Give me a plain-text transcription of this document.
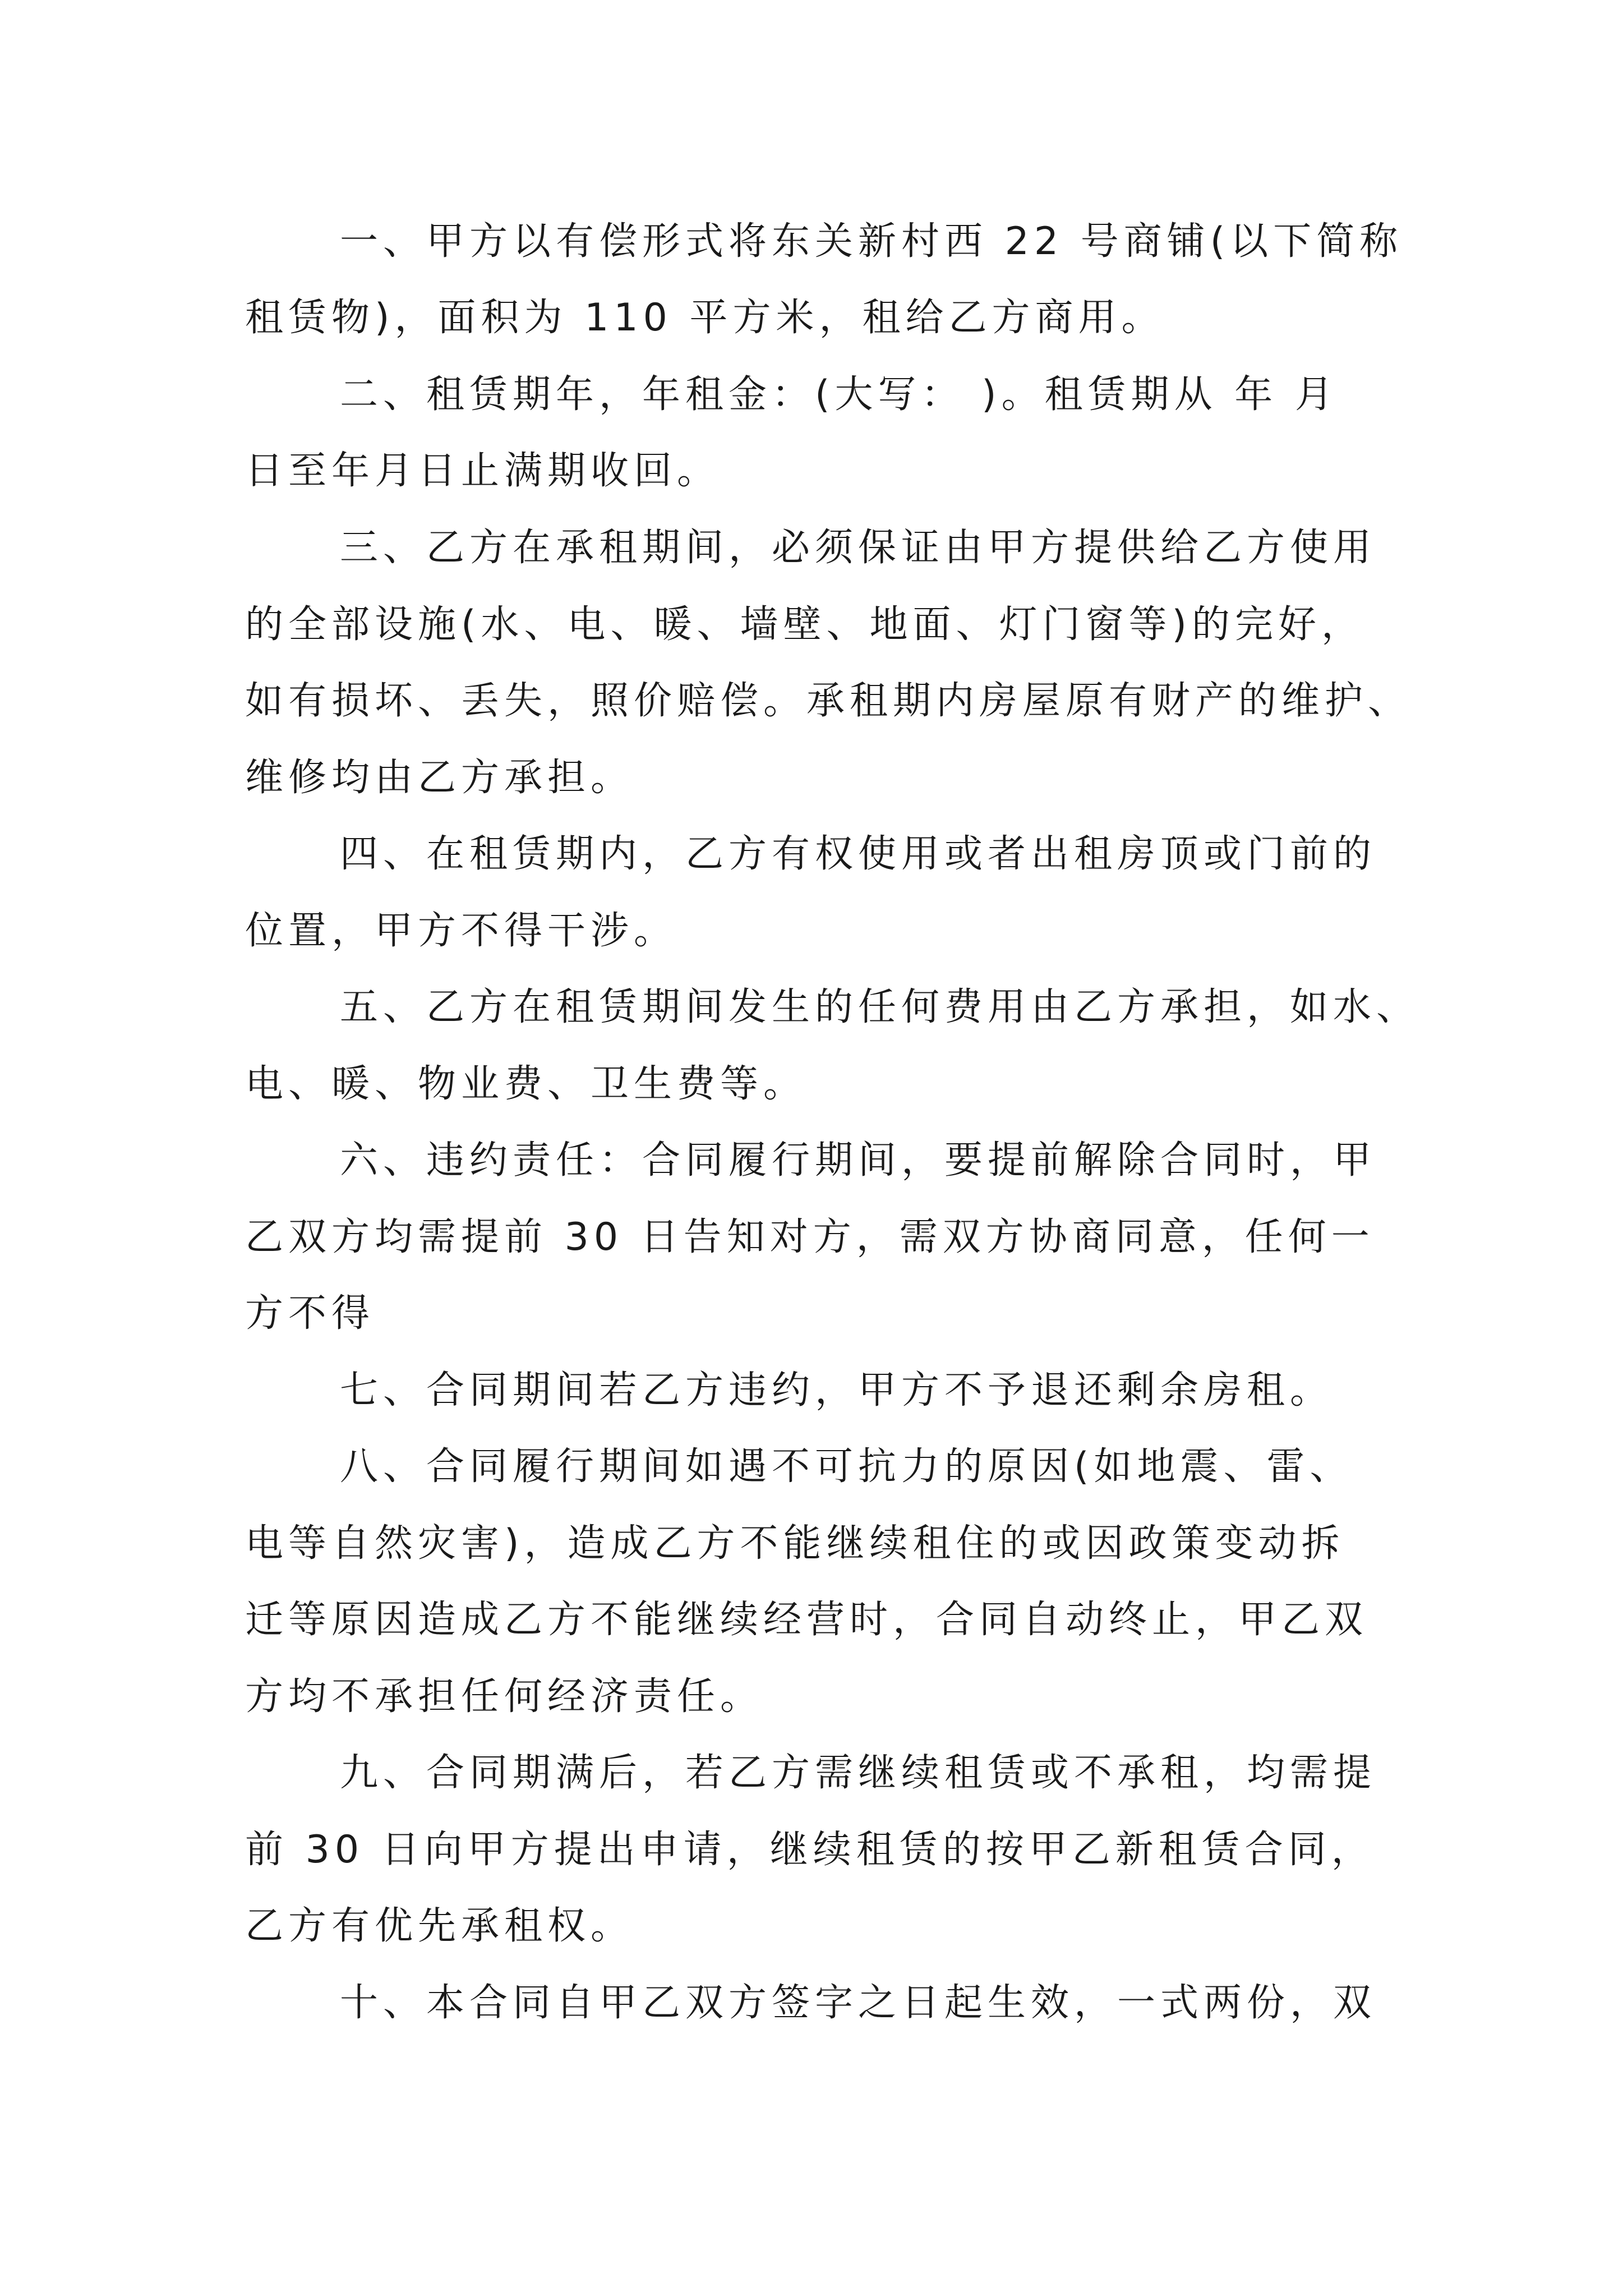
一、甲方以有偿形式将东关新村西 22 号商铺(以下简称

租赁物)，面积为 110 平方米，租给乙方商用。

二、租赁期年，年租金：(大写： )。租赁期从 年 月

日至年月日止满期收回。

三、乙方在承租期间，必须保证由甲方提供给乙方使用

的全部设施(水、电、暖、墙壁、地面、灯门窗等)的完好，

如有损坏、丢失，照价赔偿。承租期内房屋原有财产的维护、

维修均由乙方承担。

四、在租赁期内，乙方有权使用或者出租房顶或门前的

位置，甲方不得干涉。

五、乙方在租赁期间发生的任何费用由乙方承担，如水、

电、暖、物业费、卫生费等。

六、违约责任：合同履行期间，要提前解除合同时，甲

乙双方均需提前 30 日告知对方，需双方协商同意，任何一

方不得

七、合同期间若乙方违约，甲方不予退还剩余房租。

八、合同履行期间如遇不可抗力的原因(如地震、雷、

电等自然灾害)，造成乙方不能继续租住的或因政策变动拆

迁等原因造成乙方不能继续经营时，合同自动终止，甲乙双

方均不承担任何经济责任。

九、合同期满后，若乙方需继续租赁或不承租，均需提

前 30 日向甲方提出申请，继续租赁的按甲乙新租赁合同，

乙方有优先承租权。

十、本合同自甲乙双方签字之日起生效，一式两份，双
